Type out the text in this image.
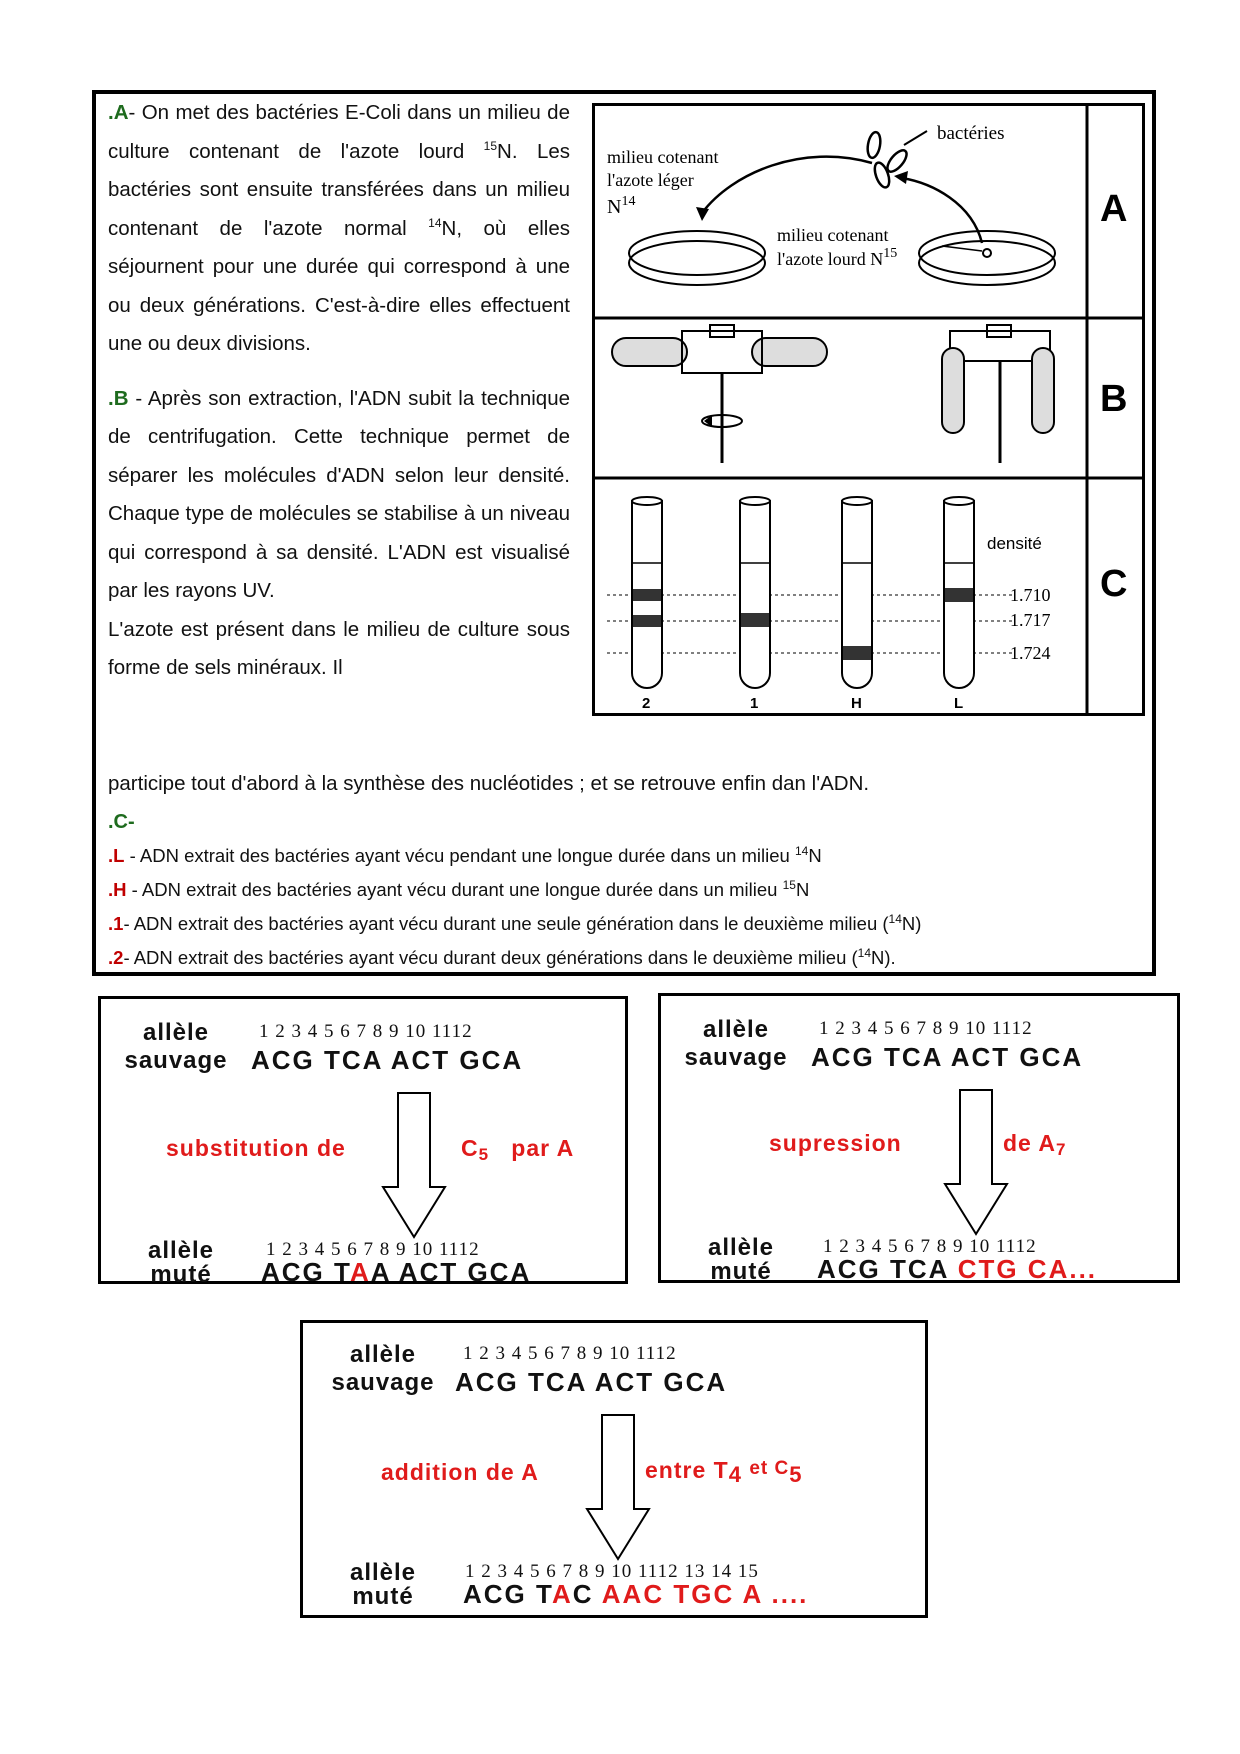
.A- On met des bactéries E-Coli dans un milieu de culture contenant de l'azote lourd $^{15}$N. Les bactéries sont ensuite transférées dans un milieu contenant de l'azote normal $^{14}$N, où elles séjournent pour une durée qui correspond à une ou deux générations. C'est-à-dire elles effectuent une ou deux divisions.

.B - Après son extraction, l'ADN subit la technique de centrifugation. Cette technique permet de séparer les molécules d'ADN selon leur densité. Chaque type de molécules se stabilise à un niveau qui correspond à sa densité. L'ADN est visualisé par les rayons UV.

L'azote est présent dans le milieu de culture sous forme de sels minéraux. Il

participe tout d'abord à la synthèse des nucléotides ; et se retrouve enfin dan l'ADN.
.C-
.L - ADN extrait des bactéries ayant vécu pendant une longue durée dans un milieu $^{14}$N
.H - ADN extrait des bactéries ayant vécu durant une longue durée dans un milieu $^{15}$N
.1- ADN extrait des bactéries ayant vécu durant une seule génération dans le deuxième milieu ($^{14}$N)
.2- ADN extrait des bactéries ayant vécu durant deux générations dans le deuxième milieu ($^{14}$N).
bactéries
milieu cotenant
l'azote léger
$N^{14}$
milieu cotenant
l'azote lourd $N^{15}$
A
B
densité
1.710
1.717
1.724
2	1	H	L
C
allèle
sauvage
1 2 3 4 5 6 7 8 9 10 1112
ACG TCA ACT GCA
substitution de	C5 par A
allèle
muté
1 2 3 4 5 6 7 8 9 10 1112
ACG TAA ACT GCA
allèle
sauvage
1 2 3 4 5 6 7 8 9 10 1112
ACG TCA ACT GCA
supression	de A7
allèle
muté
1 2 3 4 5 6 7 8 9 10 1112
ACG TCA CTG CA...
allèle
sauvage
1 2 3 4 5 6 7 8 9 10 1112
ACG TCA ACT GCA
addition de A	entre T4 et C5
allèle
muté
1 2 3 4 5 6 7 8 9 10 1112 13 14 15
ACG TAC AAC TGC A ....
